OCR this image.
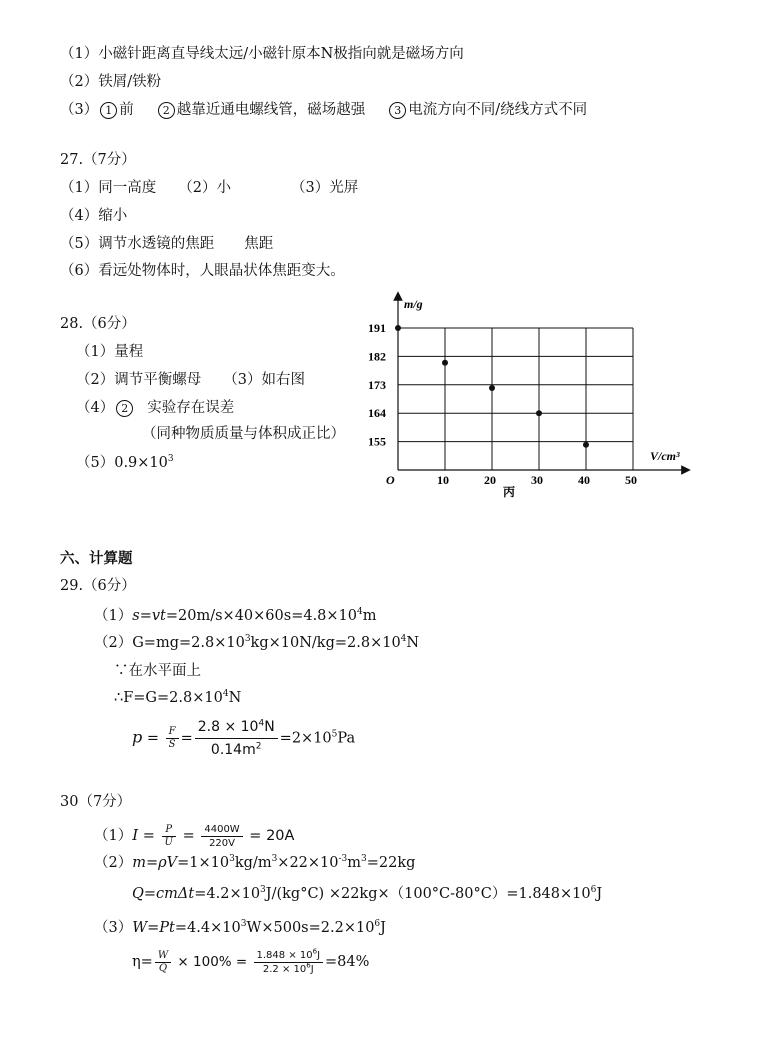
（1）小磁针距离直导线太远/小磁针原本N极指向就是磁场方向
（2）铁屑/铁粉
（3） 1 前	2 越靠近通电螺线管，磁场越强	3 电流方向不同/绕线方式不同
27.（7分）
（1）同一高度 （2）小	（3）光屏
（4）缩小
（5）调节水透镜的焦距 焦距
（6）看远处物体时，人眼晶状体焦距变大。
28.（6分）
（1）量程
（2）调节平衡螺母 （3）如右图
（4） 2 实验存在误差
（同种物质质量与体积成正比）
$(5)0.9\times 10^3$
m/g
V/cm³
O
丙
10	20	30	40	50
155
164
173
182
191
六、计算题
29.（6分）
$(1)s=vt=20m/s\times 40\times 60s=4.8\times 10^4m$
$(2)G=mg=2.8\times 10^3kg\times 10N/kg=2.8\times 10^4N$
∵在水平面上
$\therefore F=G=2.8\times 10^4N$
$p = \frac{F}{S} = \frac{2.8 \times 10^4N}{0.14m^2} =2\times 10^5Pa$
30（7分）
$(1)I = \frac{P}{U} = \frac{4400W}{220V} = 20A$
$(2)m=\rho V=1\times 10^3kg/m^3\times 22\times 10^{-3}m^3=22kg$
$Q=cm\Delta t=4.2\times 10^3J/(kg^\circ C) \times 22kg\times(100^\circ C-80^\circ C)=1.848\times 10^6J$
$(3)W=Pt=4.4\times 10^3W\times 500s=2.2\times 10^6J$
$\eta= \frac{W}{Q} \times 100\% = \frac{1.848 \times 10^6J}{2.2 \times 10^6J} =84\%$
